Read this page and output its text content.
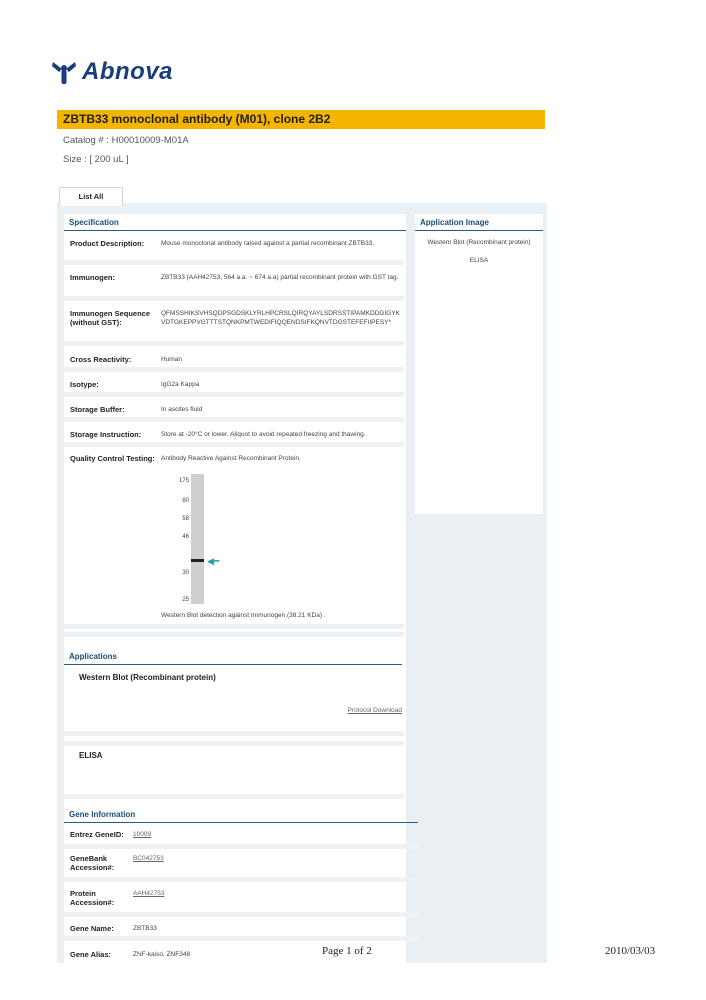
Abnova
ZBTB33 monoclonal antibody (M01), clone 2B2
Catalog # : H00010009-M01A
Size : [ 200 uL ]
List All
Specification
Product Description:	Mouse monoclonal antibody raised against a partial recombinant ZBTB33.
Immunogen:	ZBTB33 (AAH42753, 564 a.a. ~ 674 a.a) partial recombinant protein with GST tag.
Immunogen Sequence (without GST):
QFMSSHIKSVHSQDPSGDSKLYRLHPCRSLQIRQYAYLSDRSSTIPAMKDDGIGYKVDTGKEPPVGTTTSTQNKPMTWEDIFIQQENDSIFKQNVTDGSTEFEFIIPESY*
Cross Reactivity:	Human
Isotype:	IgG2a Kappa
Storage Buffer:	In ascites fluid
Storage Instruction:	Store at -20°C or lower. Aliquot to avoid repeated freezing and thawing.
Quality Control Testing: Antibody Reactive Against Recombinant Protein.
175
80
58
46
30
25
◀━
Western Blot detection against Immunogen (38.21 KDa) .
Applications
Western Blot (Recombinant protein)
Protocol Download
ELISA
Gene Information
Entrez GeneID:	10009
GeneBank Accession#:
BC042753
Protein Accession#:
AAH42753
Gene Name:	ZBTB33
Gene Alias:	ZNF-kaiso, ZNF348
Application Image
Western Blot (Recombinant protein)
ELISA
Page 1 of 2	2010/03/03
